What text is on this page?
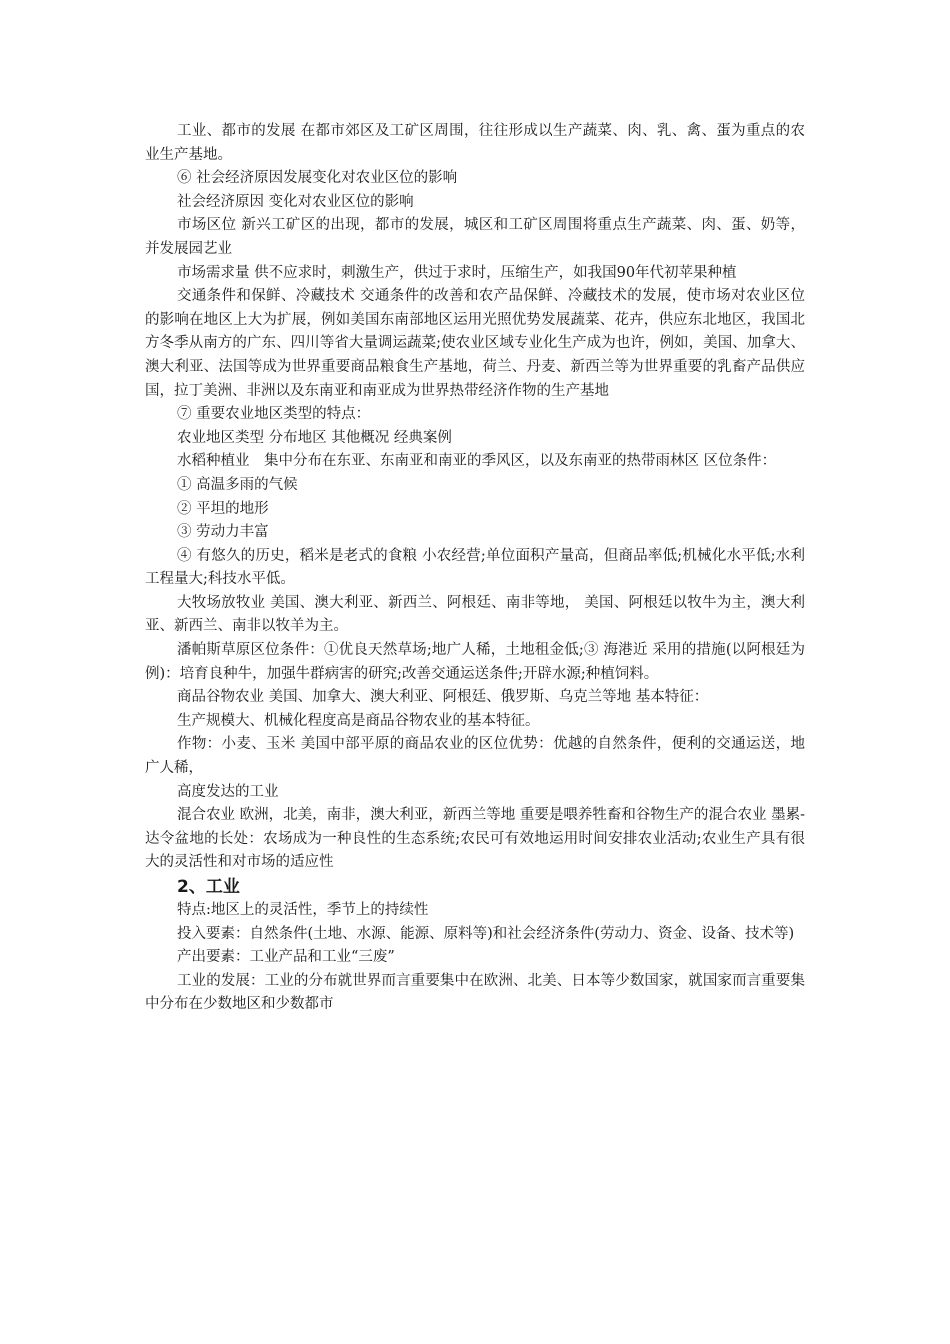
工业、都市的发展 在都市郊区及工矿区周围，往往形成以生产蔬菜、肉、乳、禽、蛋为重点的农业生产基地。

⑥ 社会经济原因发展变化对农业区位的影响

社会经济原因 变化对农业区位的影响

市场区位 新兴工矿区的出现，都市的发展，城区和工矿区周围将重点生产蔬菜、肉、蛋、奶等，并发展园艺业

市场需求量 供不应求时，刺激生产，供过于求时，压缩生产，如我国90年代初苹果种植

交通条件和保鲜、冷藏技术 交通条件的改善和农产品保鲜、冷藏技术的发展，使市场对农业区位的影响在地区上大为扩展，例如美国东南部地区运用光照优势发展蔬菜、花卉，供应东北地区，我国北方冬季从南方的广东、四川等省大量调运蔬菜;使农业区域专业化生产成为也许，例如，美国、加拿大、澳大利亚、法国等成为世界重要商品粮食生产基地，荷兰、丹麦、新西兰等为世界重要的乳畜产品供应国，拉丁美洲、非洲以及东南亚和南亚成为世界热带经济作物的生产基地

⑦ 重要农业地区类型的特点：

农业地区类型 分布地区 其他概况 经典案例

水稻种植业　集中分布在东亚、东南亚和南亚的季风区，以及东南亚的热带雨林区 区位条件：

① 高温多雨的气候

② 平坦的地形

③ 劳动力丰富

④ 有悠久的历史，稻米是老式的食粮 小农经营;单位面积产量高，但商品率低;机械化水平低;水利工程量大;科技水平低。

大牧场放牧业 美国、澳大利亚、新西兰、阿根廷、南非等地， 美国、阿根廷以牧牛为主，澳大利亚、新西兰、南非以牧羊为主。

潘帕斯草原区位条件：①优良天然草场;地广人稀，土地租金低;③ 海港近 采用的措施(以阿根廷为例)：培育良种牛，加强牛群病害的研究;改善交通运送条件;开辟水源;种植饲料。

商品谷物农业 美国、加拿大、澳大利亚、阿根廷、俄罗斯、乌克兰等地 基本特征：

生产规模大、机械化程度高是商品谷物农业的基本特征。

作物：小麦、玉米 美国中部平原的商品农业的区位优势：优越的自然条件，便利的交通运送，地广人稀，

高度发达的工业

混合农业 欧洲，北美，南非，澳大利亚，新西兰等地 重要是喂养牲畜和谷物生产的混合农业 墨累-达令盆地的长处：农场成为一种良性的生态系统;农民可有效地运用时间安排农业活动;农业生产具有很大的灵活性和对市场的适应性

2、工业

特点:地区上的灵活性，季节上的持续性

投入要素：自然条件(土地、水源、能源、原料等)和社会经济条件(劳动力、资金、设备、技术等)

产出要素：工业产品和工业“三废”

工业的发展：工业的分布就世界而言重要集中在欧洲、北美、日本等少数国家，就国家而言重要集中分布在少数地区和少数都市
